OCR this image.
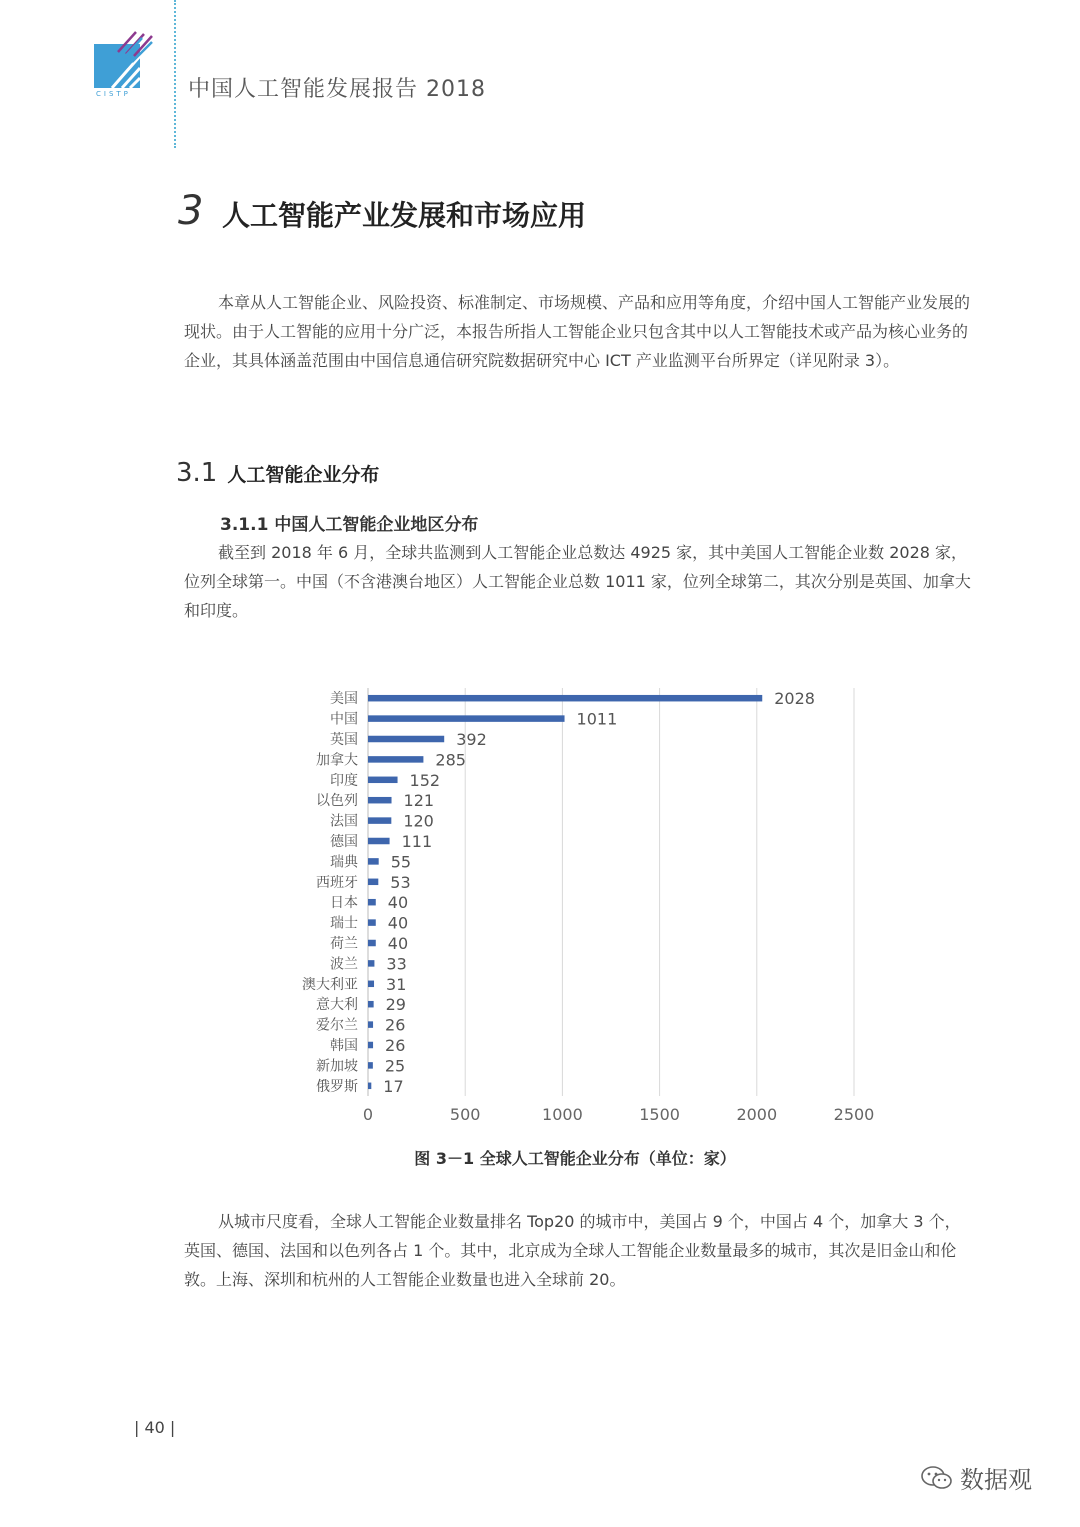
CISTP	中国人工智能发展报告 2018
3 人工智能产业发展和市场应用

本章从人工智能企业、风险投资、标准制定、市场规模、产品和应用等角度，介绍中国人工智能产业发展的现状。由于人工智能的应用十分广泛，本报告所指人工智能企业只包含其中以人工智能技术或产品为核心业务的企业，其具体涵盖范围由中国信息通信研究院数据研究中心 ICT 产业监测平台所界定（详见附录 3）。

3.1 人工智能企业分布
3.1.1 中国人工智能企业地区分布

截至到 2018 年 6 月，全球共监测到人工智能企业总数达 4925 家，其中美国人工智能企业数 2028 家，位列全球第一。中国（不含港澳台地区）人工智能企业总数 1011 家，位列全球第二，其次分别是英国、加拿大和印度。

0	500	1000	1500	2000	2500
美国	2028
中国	1011
英国	392
加拿大	285
印度	152
以色列	121
法国	120
德国	111
瑞典 55
西班牙 53
日本 40
瑞士 40
荷兰 40
波兰 33
澳大利亚 31
意大利 29
爱尔兰 26
韩国 26
新加坡 25
俄罗斯 17
图 3－1 全球人工智能企业分布（单位：家）

从城市尺度看，全球人工智能企业数量排名 Top20 的城市中，美国占 9 个，中国占 4 个，加拿大 3 个，英国、德国、法国和以色列各占 1 个。其中，北京成为全球人工智能企业数量最多的城市，其次是旧金山和伦敦。上海、深圳和杭州的人工智能企业数量也进入全球前 20。

| 40 |
数据观
